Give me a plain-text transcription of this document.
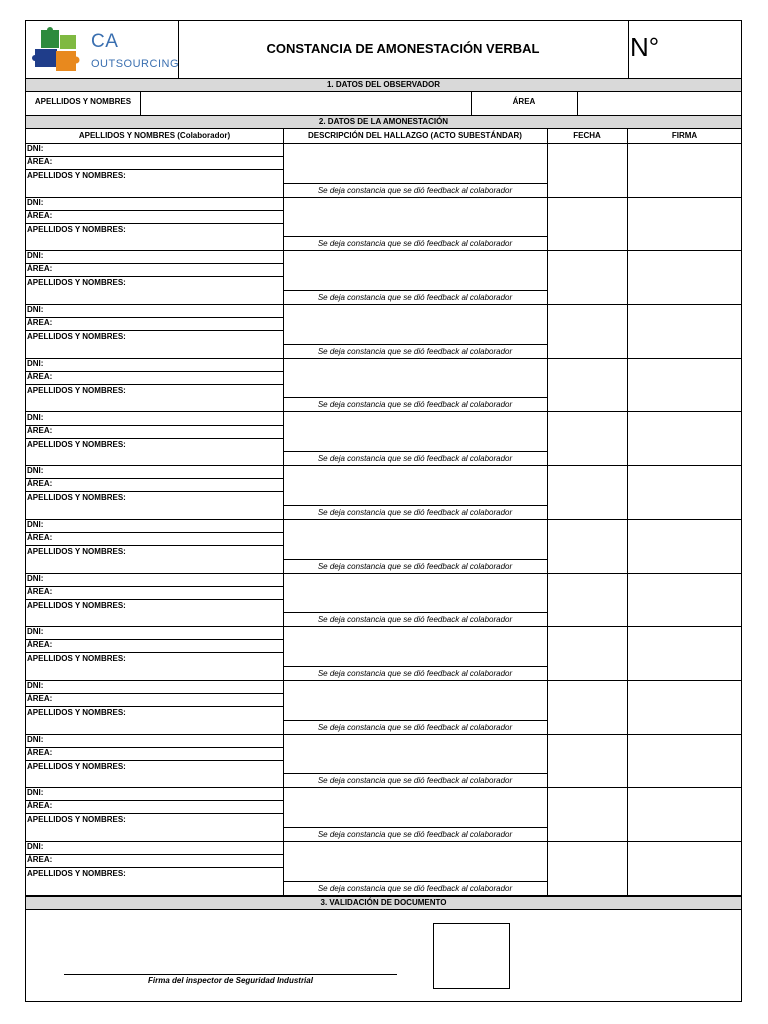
CA
OUTSOURCING
CONSTANCIA DE AMONESTACIÓN VERBAL	N°
1. DATOS DEL OBSERVADOR
APELLIDOS Y NOMBRES	ÁREA
2. DATOS DE LA AMONESTACIÓN
APELLIDOS Y NOMBRES (Colaborador)	DESCRIPCIÓN DEL HALLAZGO (ACTO SUBESTÁNDAR)	FECHA	FIRMA
DNI:
ÁREA:
APELLIDOS Y NOMBRES:
Se deja constancia que se dió feedback al colaborador
DNI:
ÁREA:
APELLIDOS Y NOMBRES:
Se deja constancia que se dió feedback al colaborador
DNI:
ÁREA:
APELLIDOS Y NOMBRES:
Se deja constancia que se dió feedback al colaborador
DNI:
ÁREA:
APELLIDOS Y NOMBRES:
Se deja constancia que se dió feedback al colaborador
DNI:
ÁREA:
APELLIDOS Y NOMBRES:
Se deja constancia que se dió feedback al colaborador
DNI:
ÁREA:
APELLIDOS Y NOMBRES:
Se deja constancia que se dió feedback al colaborador
DNI:
ÁREA:
APELLIDOS Y NOMBRES:
Se deja constancia que se dió feedback al colaborador
DNI:
ÁREA:
APELLIDOS Y NOMBRES:
Se deja constancia que se dió feedback al colaborador
DNI:
ÁREA:
APELLIDOS Y NOMBRES:
Se deja constancia que se dió feedback al colaborador
DNI:
ÁREA:
APELLIDOS Y NOMBRES:
Se deja constancia que se dió feedback al colaborador
DNI:
ÁREA:
APELLIDOS Y NOMBRES:
Se deja constancia que se dió feedback al colaborador
DNI:
ÁREA:
APELLIDOS Y NOMBRES:
Se deja constancia que se dió feedback al colaborador
DNI:
ÁREA:
APELLIDOS Y NOMBRES:
Se deja constancia que se dió feedback al colaborador
DNI:
ÁREA:
APELLIDOS Y NOMBRES:
Se deja constancia que se dió feedback al colaborador
3. VALIDACIÓN DE DOCUMENTO
Firma del inspector de Seguridad Industrial
